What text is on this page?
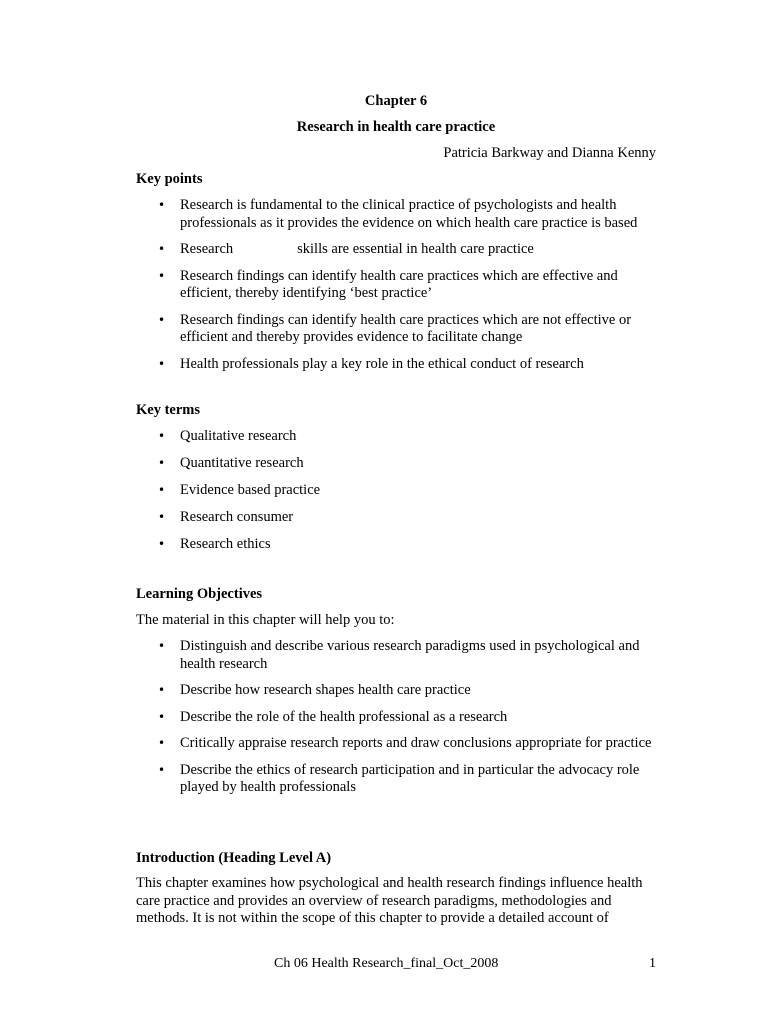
Chapter 6
Research in health care practice
Patricia Barkway and Dianna Kenny
Key points
• Research is fundamental to the clinical practice of psychologists and health professionals as it provides the evidence on which health care practice is based
• Research	skills are essential in health care practice
• Research findings can identify health care practices which are effective and efficient, thereby identifying ‘best practice’
• Research findings can identify health care practices which are not effective or efficient and thereby provides evidence to facilitate change
• Health professionals play a key role in the ethical conduct of research
Key terms
• Qualitative research
• Quantitative research
• Evidence based practice
• Research consumer
• Research ethics
Learning Objectives
The material in this chapter will help you to:
• Distinguish and describe various research paradigms used in psychological and health research
• Describe how research shapes health care practice
• Describe the role of the health professional as a research
• Critically appraise research reports and draw conclusions appropriate for practice
• Describe the ethics of research participation and in particular the advocacy role played by health professionals
Introduction (Heading Level A)
This chapter examines how psychological and health research findings influence health care practice and provides an overview of research paradigms, methodologies and methods. It is not within the scope of this chapter to provide a detailed account of
Ch 06 Health Research_final_Oct_2008	1
